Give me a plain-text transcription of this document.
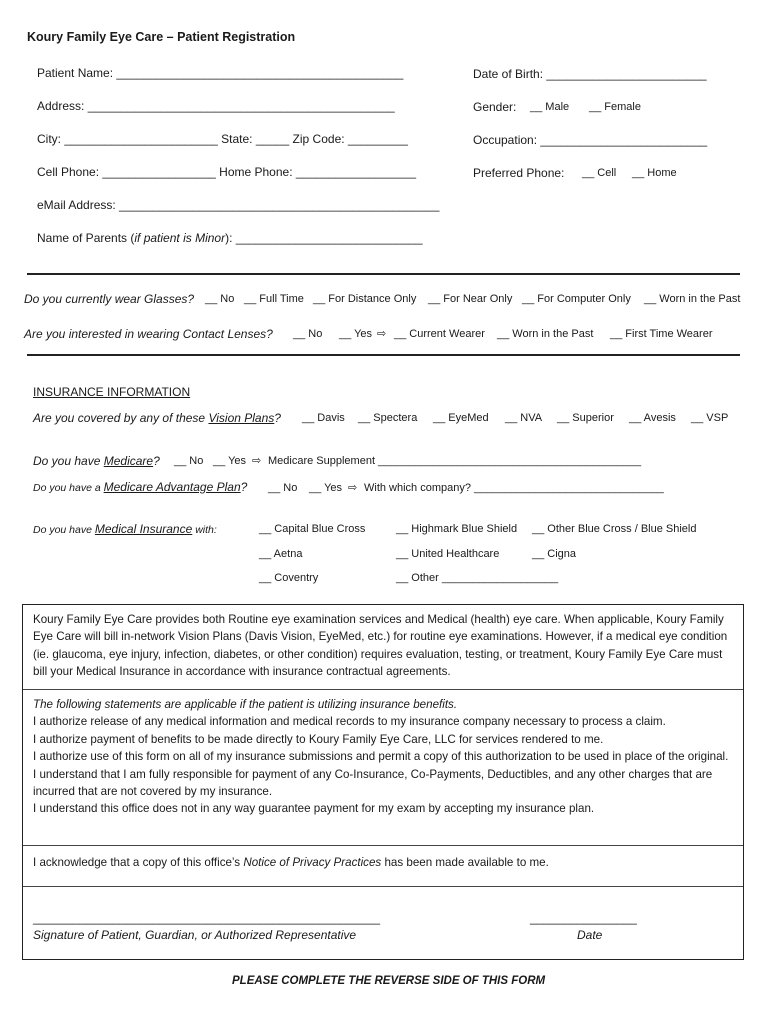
Koury Family Eye Care – Patient Registration
Patient Name: ___________________________________________	Date of Birth: ________________________
Address: ______________________________________________	Gender: __ Male __ Female
City: _______________________ State: _____ Zip Code: _________	Occupation: _________________________
Cell Phone: _________________ Home Phone: __________________	Preferred Phone: __ Cell __ Home
eMail Address: ________________________________________________
Name of Parents (if patient is Minor): ____________________________
Do you currently wear Glasses? __ No __ Full Time __ For Distance Only __ For Near Only __ For Computer Only __ Worn in the Past
Are you interested in wearing Contact Lenses? __ No __ Yes ⇨ __ Current Wearer __ Worn in the Past __ First Time Wearer
INSURANCE INFORMATION
Are you covered by any of these Vision Plans? __ Davis __ Spectera __ EyeMed __ NVA __ Superior __ Avesis __ VSP
Do you have Medicare? __ No __ Yes ⇨ Medicare Supplement ___________________________________________
Do you have a Medicare Advantage Plan? __ No __ Yes ⇨ With which company? _______________________________
Do you have Medical Insurance with:	__ Capital Blue Cross	__ Highmark Blue Shield __ Other Blue Cross / Blue Shield
__ Aetna	__ United Healthcare	__ Cigna
__ Coventry	__ Other ___________________

Koury Family Eye Care provides both Routine eye examination services and Medical (health) eye care. When applicable, Koury Family Eye Care will bill in-network Vision Plans (Davis Vision, EyeMed, etc.) for routine eye examinations. However, if a medical eye condition (ie. glaucoma, eye injury, infection, diabetes, or other condition) requires evaluation, testing, or treatment, Koury Family Eye Care must bill your Medical Insurance in accordance with insurance contractual agreements.

The following statements are applicable if the patient is utilizing insurance benefits.

I authorize release of any medical information and medical records to my insurance company necessary to process a claim.

I authorize payment of benefits to be made directly to Koury Family Eye Care, LLC for services rendered to me.

I authorize use of this form on all of my insurance submissions and permit a copy of this authorization to be used in place of the original.

I understand that I am fully responsible for payment of any Co-Insurance, Co-Payments, Deductibles, and any other charges that are incurred that are not covered by my insurance.

I understand this office does not in any way guarantee payment for my exam by accepting my insurance plan.

I acknowledge that a copy of this office’s Notice of Privacy Practices has been made available to me.

____________________________________________________
Signature of Patient, Guardian, or Authorized Representative
________________
Date
PLEASE COMPLETE THE REVERSE SIDE OF THIS FORM
